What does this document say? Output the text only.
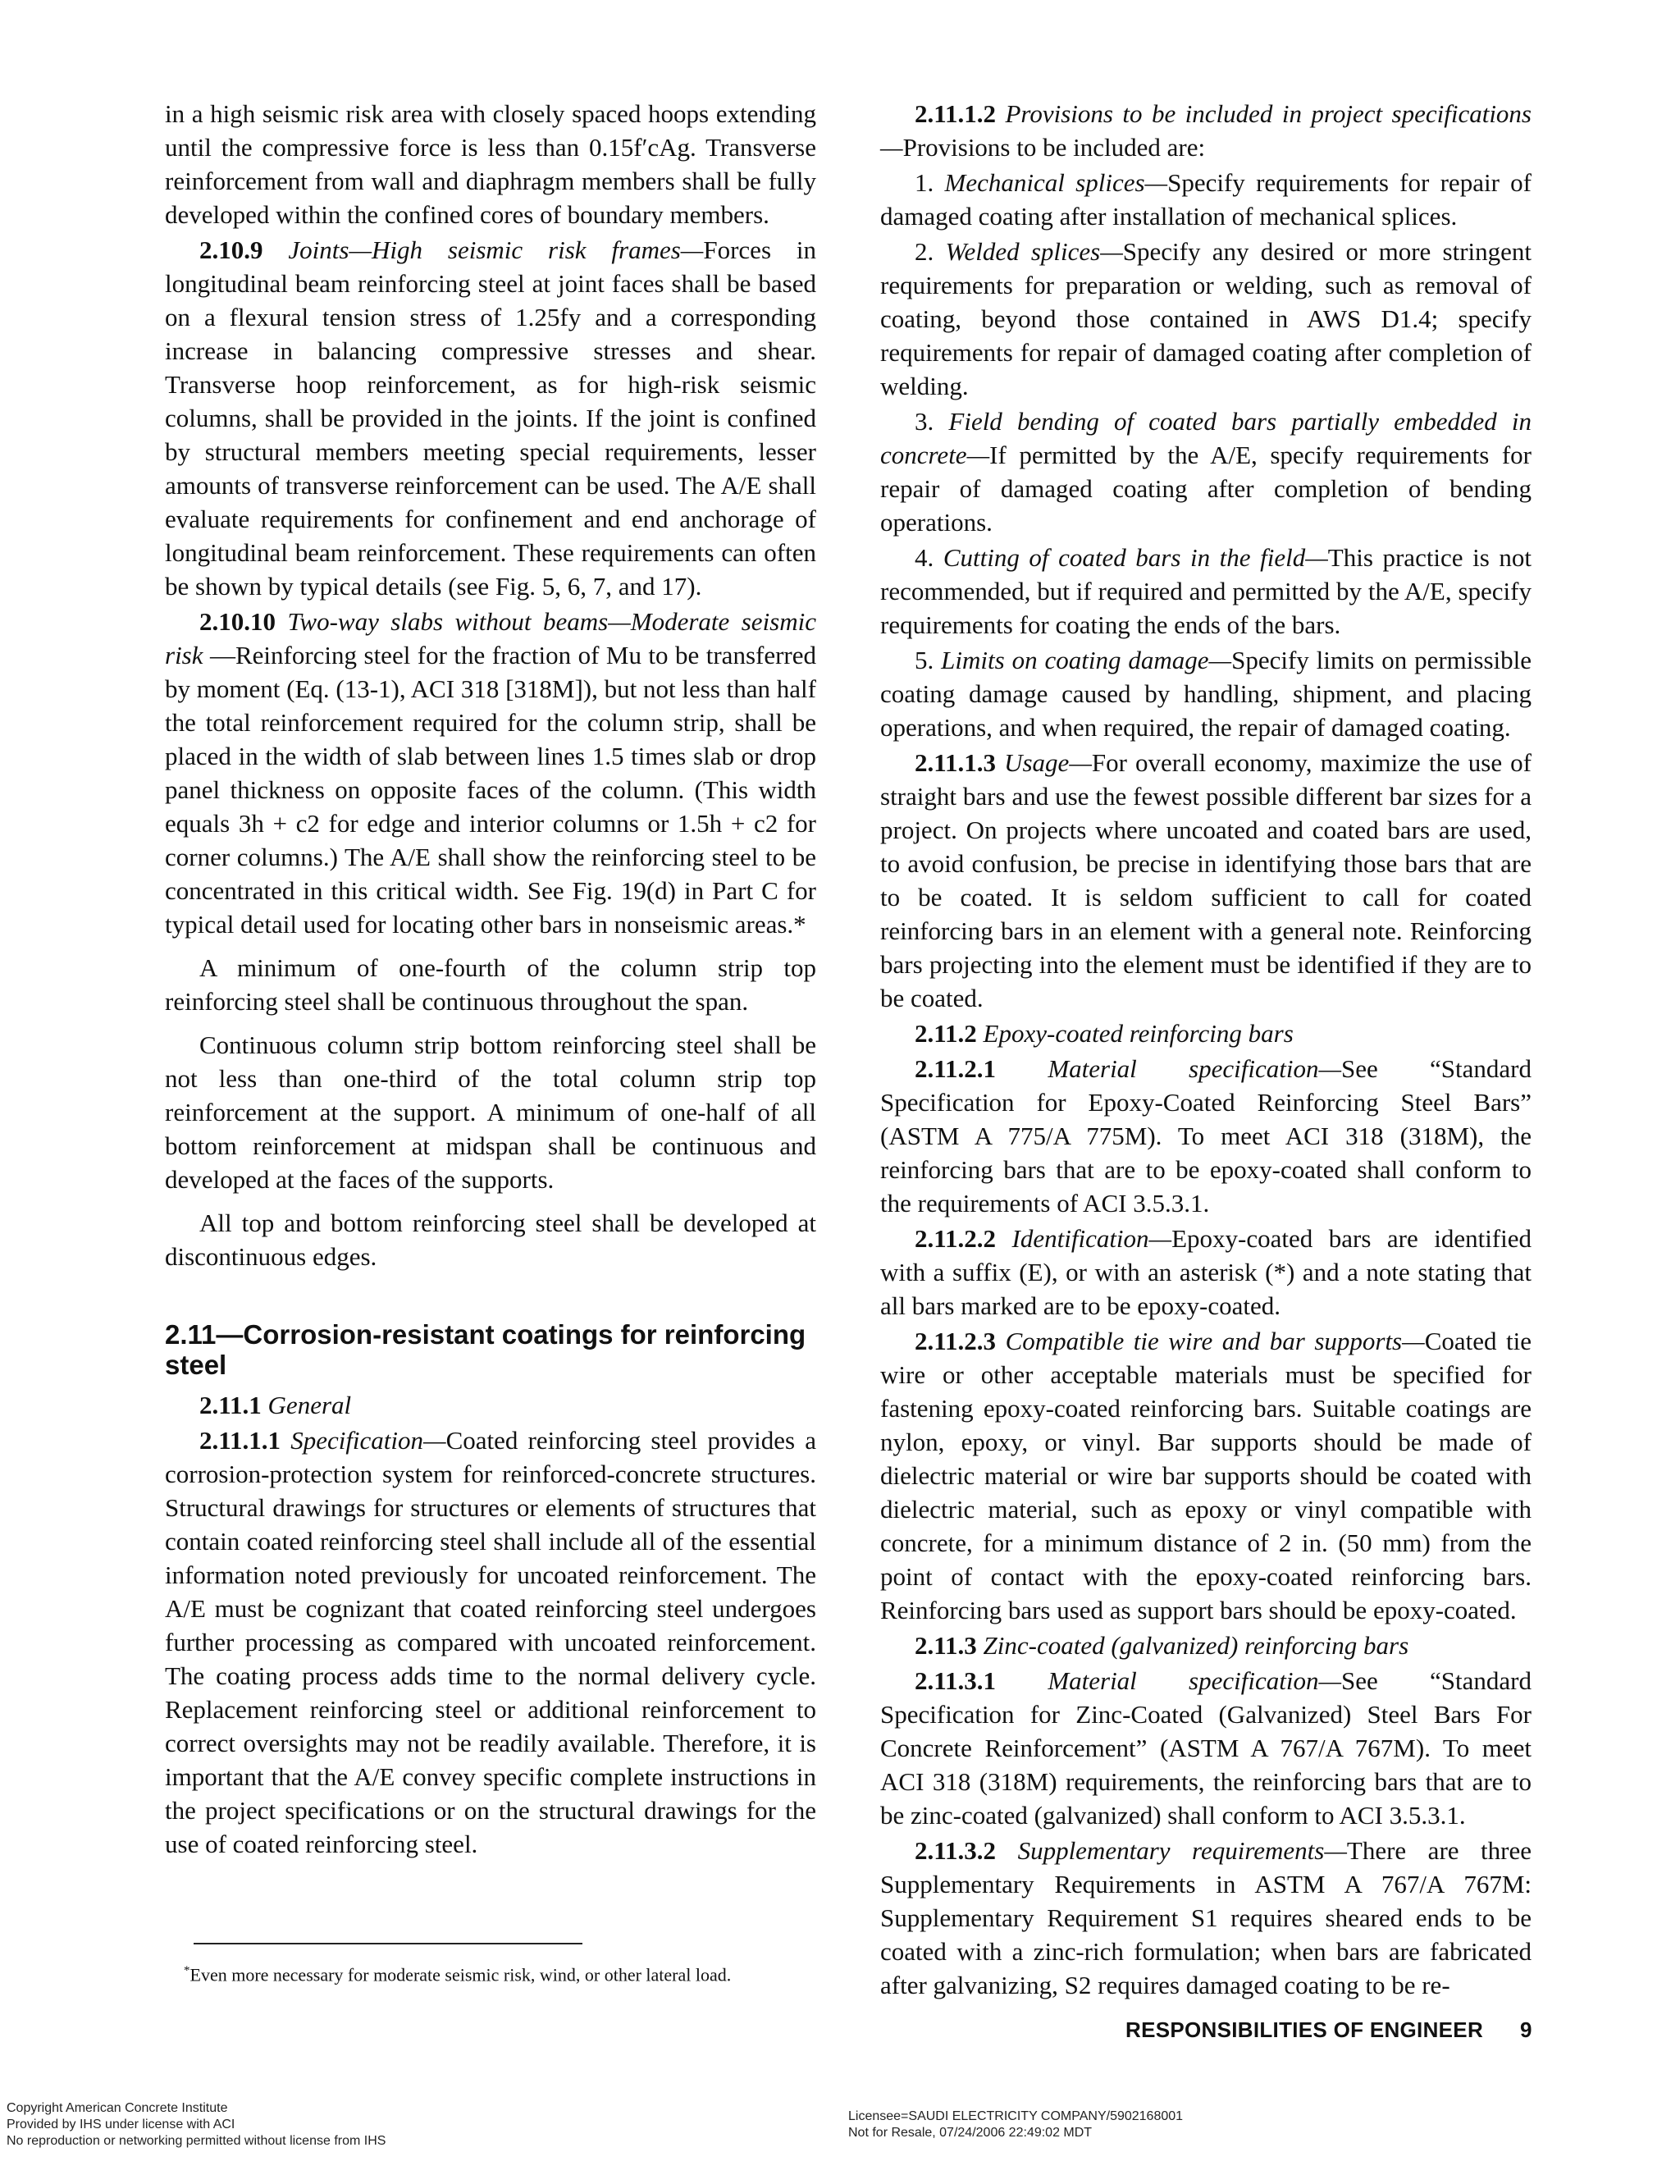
in a high seismic risk area with closely spaced hoops extending until the compressive force is less than 0.15f′cAg. Transverse reinforcement from wall and diaphragm members shall be fully developed within the confined cores of boundary members.

2.10.9 Joints—High seismic risk frames—Forces in longitudinal beam reinforcing steel at joint faces shall be based on a flexural tension stress of 1.25fy and a corresponding increase in balancing compressive stresses and shear. Transverse hoop reinforcement, as for high-risk seismic columns, shall be provided in the joints. If the joint is confined by structural members meeting special requirements, lesser amounts of transverse reinforcement can be used. The A/E shall evaluate requirements for confinement and end anchorage of longitudinal beam reinforcement. These requirements can often be shown by typical details (see Fig. 5, 6, 7, and 17).

2.10.10 Two-way slabs without beams—Moderate seismic risk —Reinforcing steel for the fraction of Mu to be transferred by moment (Eq. (13-1), ACI 318 [318M]), but not less than half the total reinforcement required for the column strip, shall be placed in the width of slab between lines 1.5 times slab or drop panel thickness on opposite faces of the column. (This width equals 3h + c2 for edge and interior columns or 1.5h + c2 for corner columns.) The A/E shall show the reinforcing steel to be concentrated in this critical width. See Fig. 19(d) in Part C for typical detail used for locating other bars in nonseismic areas.*

A minimum of one-fourth of the column strip top reinforcing steel shall be continuous throughout the span.

Continuous column strip bottom reinforcing steel shall be not less than one-third of the total column strip top reinforcement at the support. A minimum of one-half of all bottom reinforcement at midspan shall be continuous and developed at the faces of the supports.

All top and bottom reinforcing steel shall be developed at discontinuous edges.

2.11—Corrosion-resistant coatings for reinforcing steel

2.11.1 General

2.11.1.1 Specification—Coated reinforcing steel provides a corrosion-protection system for reinforced-concrete structures. Structural drawings for structures or elements of structures that contain coated reinforcing steel shall include all of the essential information noted previously for uncoated reinforcement. The A/E must be cognizant that coated reinforcing steel undergoes further processing as compared with uncoated reinforcement. The coating process adds time to the normal delivery cycle. Replacement reinforcing steel or additional reinforcement to correct oversights may not be readily available. Therefore, it is important that the A/E convey specific complete instructions in the project specifications or on the structural drawings for the use of coated reinforcing steel.

2.11.1.2 Provisions to be included in project specifications—Provisions to be included are:

1. Mechanical splices—Specify requirements for repair of damaged coating after installation of mechanical splices.

2. Welded splices—Specify any desired or more stringent requirements for preparation or welding, such as removal of coating, beyond those contained in AWS D1.4; specify requirements for repair of damaged coating after completion of welding.

3. Field bending of coated bars partially embedded in concrete—If permitted by the A/E, specify requirements for repair of damaged coating after completion of bending operations.

4. Cutting of coated bars in the field—This practice is not recommended, but if required and permitted by the A/E, specify requirements for coating the ends of the bars.

5. Limits on coating damage—Specify limits on permissible coating damage caused by handling, shipment, and placing operations, and when required, the repair of damaged coating.

2.11.1.3 Usage—For overall economy, maximize the use of straight bars and use the fewest possible different bar sizes for a project. On projects where uncoated and coated bars are used, to avoid confusion, be precise in identifying those bars that are to be coated. It is seldom sufficient to call for coated reinforcing bars in an element with a general note. Reinforcing bars projecting into the element must be identified if they are to be coated.

2.11.2 Epoxy-coated reinforcing bars

2.11.2.1 Material specification—See “Standard Specification for Epoxy-Coated Reinforcing Steel Bars” (ASTM A 775/A 775M). To meet ACI 318 (318M), the reinforcing bars that are to be epoxy-coated shall conform to the requirements of ACI 3.5.3.1.

2.11.2.2 Identification—Epoxy-coated bars are identified with a suffix (E), or with an asterisk (*) and a note stating that all bars marked are to be epoxy-coated.

2.11.2.3 Compatible tie wire and bar supports—Coated tie wire or other acceptable materials must be specified for fastening epoxy-coated reinforcing bars. Suitable coatings are nylon, epoxy, or vinyl. Bar supports should be made of dielectric material or wire bar supports should be coated with dielectric material, such as epoxy or vinyl compatible with concrete, for a minimum distance of 2 in. (50 mm) from the point of contact with the epoxy-coated reinforcing bars. Reinforcing bars used as support bars should be epoxy-coated.

2.11.3 Zinc-coated (galvanized) reinforcing bars

2.11.3.1 Material specification—See “Standard Specification for Zinc-Coated (Galvanized) Steel Bars For Concrete Reinforcement” (ASTM A 767/A 767M). To meet ACI 318 (318M) requirements, the reinforcing bars that are to be zinc-coated (galvanized) shall conform to ACI 3.5.3.1.

2.11.3.2 Supplementary requirements—There are three Supplementary Requirements in ASTM A 767/A 767M: Supplementary Requirement S1 requires sheared ends to be coated with a zinc-rich formulation; when bars are fabricated after galvanizing, S2 requires damaged coating to be re-

*Even more necessary for moderate seismic risk, wind, or other lateral load.
RESPONSIBILITIES OF ENGINEER 9
Copyright American Concrete Institute
Provided by IHS under license with ACI
No reproduction or networking permitted without license from IHS
Licensee=SAUDI ELECTRICITY COMPANY/5902168001
Not for Resale, 07/24/2006 22:49:02 MDT
